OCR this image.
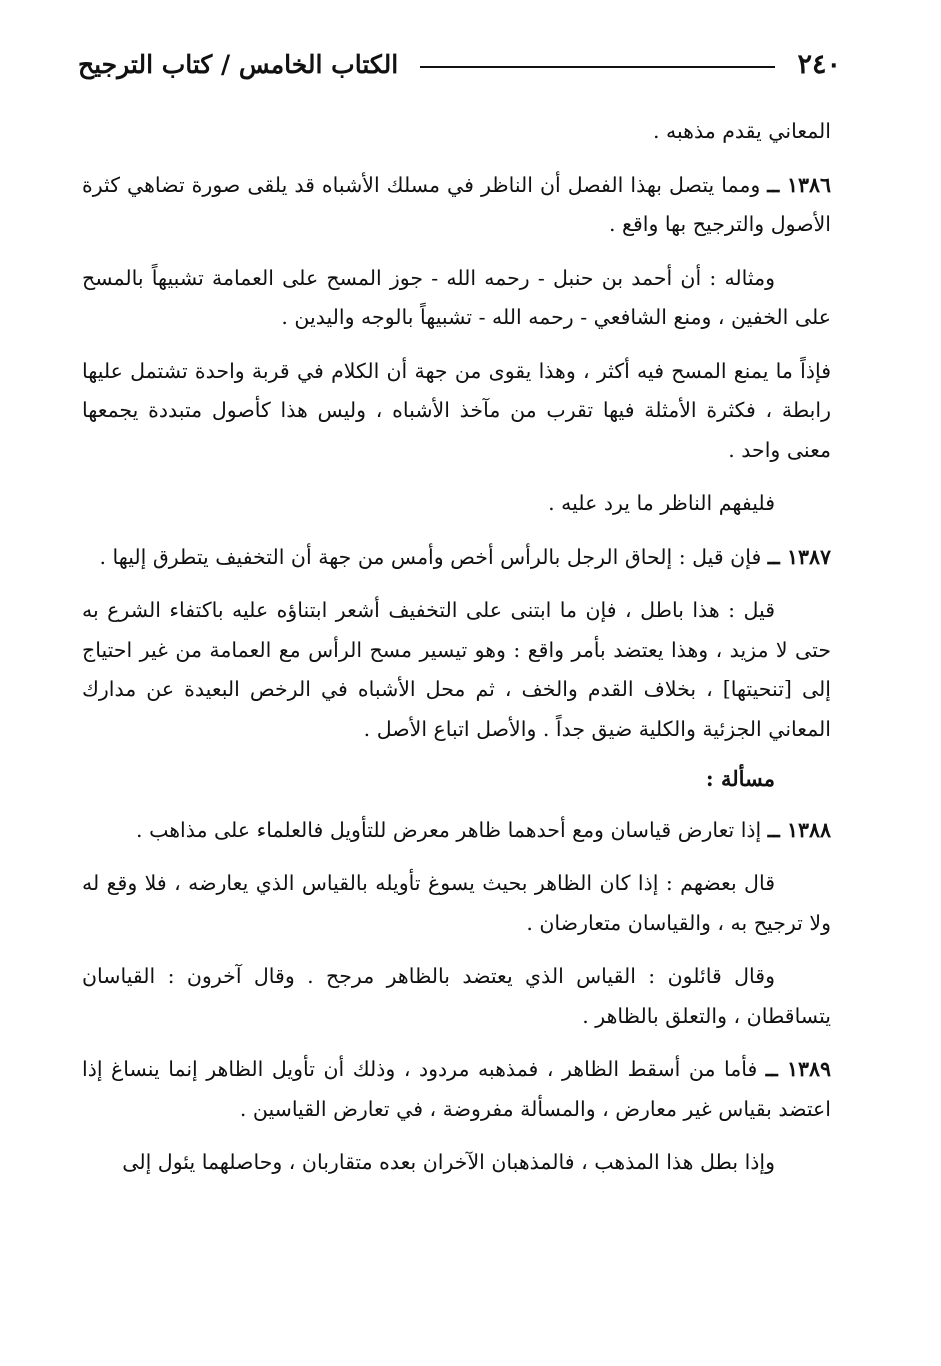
٢٤٠
الكتاب الخامس / كتاب الترجيح

المعاني يقدم مذهبه .

١٣٨٦ ــ ومما يتصل بهذا الفصل أن الناظر في مسلك الأشباه قد يلقى صورة تضاهي كثرة الأصول والترجيح بها واقع .

ومثاله : أن أحمد بن حنبل - رحمه الله - جوز المسح على العمامة تشبيهاً بالمسح على الخفين ، ومنع الشافعي - رحمه الله - تشبيهاً بالوجه واليدين .

فإذاً ما يمنع المسح فيه أكثر ، وهذا يقوى من جهة أن الكلام في قربة واحدة تشتمل عليها رابطة ، فكثرة الأمثلة فيها تقرب من مآخذ الأشباه ، وليس هذا كأصول متبددة يجمعها معنى واحد .

فليفهم الناظر ما يرد عليه .

١٣٨٧ ــ فإن قيل : إلحاق الرجل بالرأس أخص وأمس من جهة أن التخفيف يتطرق إليها .

قيل : هذا باطل ، فإن ما ابتنى على التخفيف أشعر ابتناؤه عليه باكتفاء الشرع به حتى لا مزيد ، وهذا يعتضد بأمر واقع : وهو تيسير مسح الرأس مع العمامة من غير احتياج إلى [تنحيتها] ، بخلاف القدم والخف ، ثم محل الأشباه في الرخص البعيدة عن مدارك المعاني الجزئية والكلية ضيق جداً . والأصل اتباع الأصل .

مسألة :

١٣٨٨ ــ إذا تعارض قياسان ومع أحدهما ظاهر معرض للتأويل فالعلماء على مذاهب .

قال بعضهم : إذا كان الظاهر بحيث يسوغ تأويله بالقياس الذي يعارضه ، فلا وقع له ولا ترجيح به ، والقياسان متعارضان .

وقال قائلون : القياس الذي يعتضد بالظاهر مرجح . وقال آخرون : القياسان يتساقطان ، والتعلق بالظاهر .

١٣٨٩ ــ فأما من أسقط الظاهر ، فمذهبه مردود ، وذلك أن تأويل الظاهر إنما ينساغ إذا اعتضد بقياس غير معارض ، والمسألة مفروضة ، في تعارض القياسين .

وإذا بطل هذا المذهب ، فالمذهبان الآخران بعده متقاربان ، وحاصلهما يئول إلى
